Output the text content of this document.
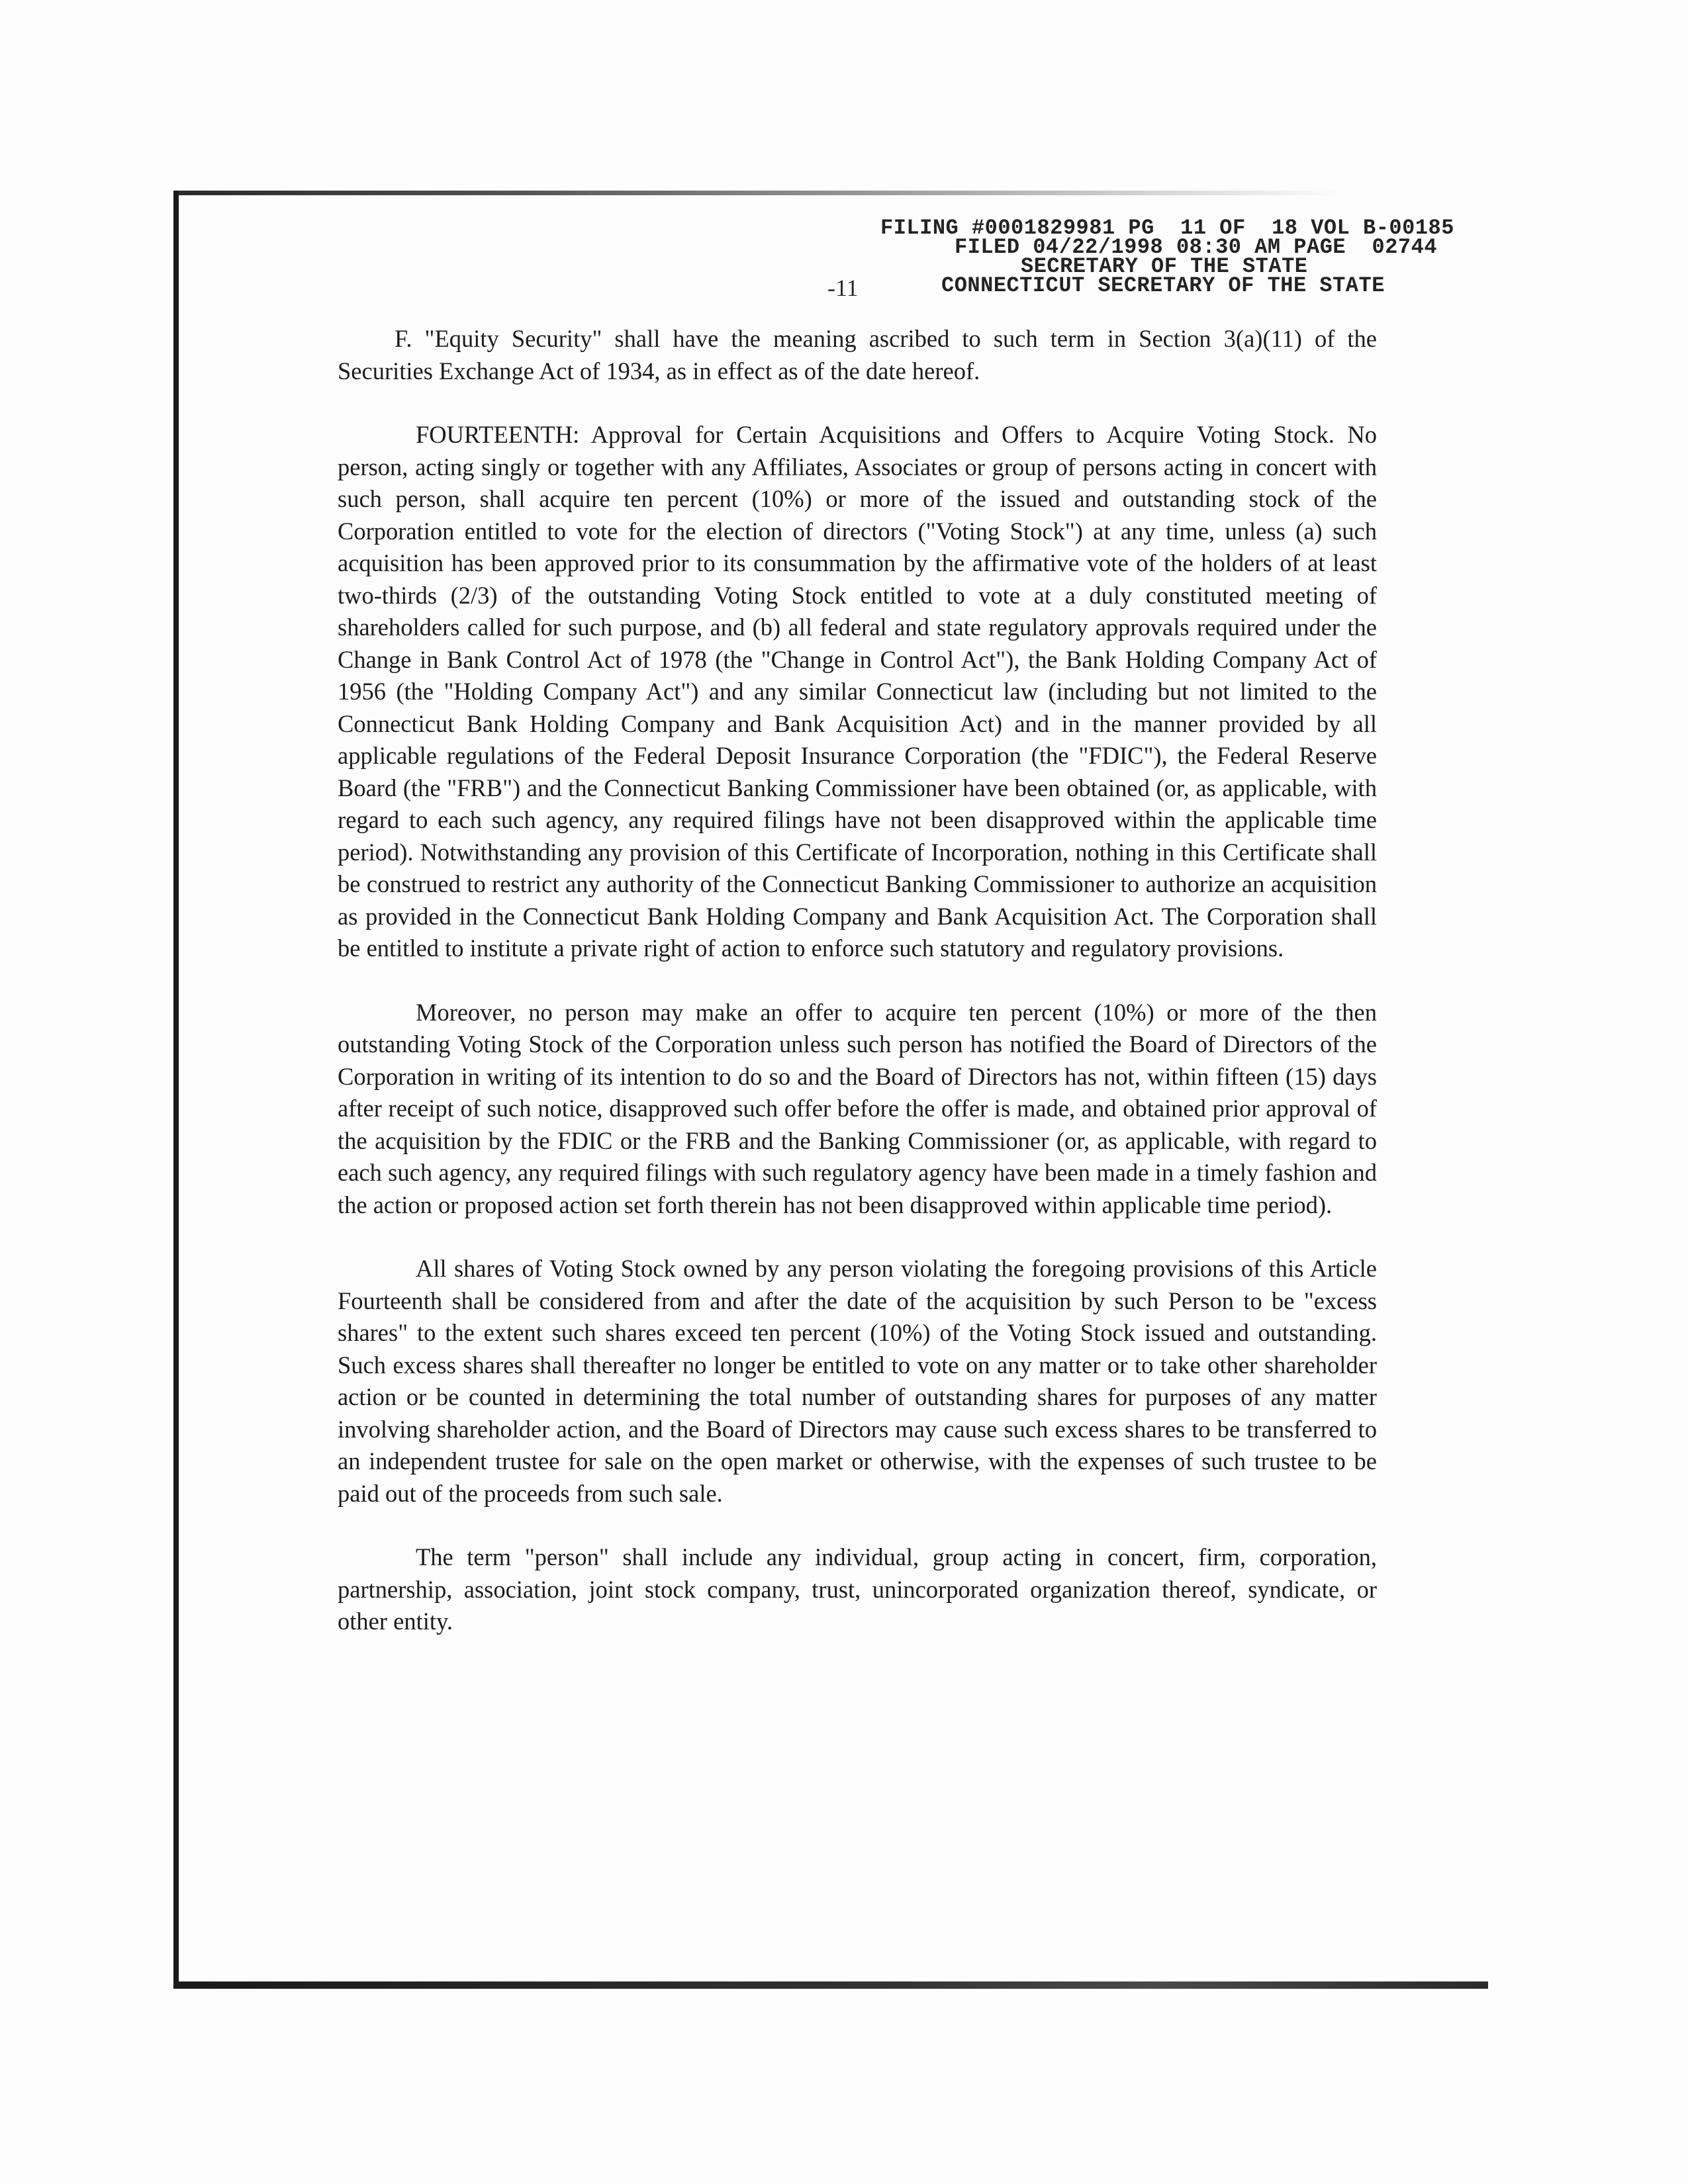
FILING #0001829981 PG  11 OF  18 VOL B-00185
FILED 04/22/1998 08:30 AM PAGE  02744
SECRETARY OF THE STATE
CONNECTICUT SECRETARY OF THE STATE
-11

F. "Equity Security" shall have the meaning ascribed to such term in Section 3(a)(11) of the Securities Exchange Act of 1934, as in effect as of the date hereof.

FOURTEENTH: Approval for Certain Acquisitions and Offers to Acquire Voting Stock. No person, acting singly or together with any Affiliates, Associates or group of persons acting in concert with such person, shall acquire ten percent (10%) or more of the issued and outstanding stock of the Corporation entitled to vote for the election of directors ("Voting Stock") at any time, unless (a) such acquisition has been approved prior to its consummation by the affirmative vote of the holders of at least two-thirds (2/3) of the outstanding Voting Stock entitled to vote at a duly constituted meeting of shareholders called for such purpose, and (b) all federal and state regulatory approvals required under the Change in Bank Control Act of 1978 (the "Change in Control Act"), the Bank Holding Company Act of 1956 (the "Holding Company Act") and any similar Connecticut law (including but not limited to the Connecticut Bank Holding Company and Bank Acquisition Act) and in the manner provided by all applicable regulations of the Federal Deposit Insurance Corporation (the "FDIC"), the Federal Reserve Board (the "FRB") and the Connecticut Banking Commissioner have been obtained (or, as applicable, with regard to each such agency, any required filings have not been disapproved within the applicable time period). Notwithstanding any provision of this Certificate of Incorporation, nothing in this Certificate shall be construed to restrict any authority of the Connecticut Banking Commissioner to authorize an acquisition as provided in the Connecticut Bank Holding Company and Bank Acquisition Act. The Corporation shall be entitled to institute a private right of action to enforce such statutory and regulatory provisions.

Moreover, no person may make an offer to acquire ten percent (10%) or more of the then outstanding Voting Stock of the Corporation unless such person has notified the Board of Directors of the Corporation in writing of its intention to do so and the Board of Directors has not, within fifteen (15) days after receipt of such notice, disapproved such offer before the offer is made, and obtained prior approval of the acquisition by the FDIC or the FRB and the Banking Commissioner (or, as applicable, with regard to each such agency, any required filings with such regulatory agency have been made in a timely fashion and the action or proposed action set forth therein has not been disapproved within applicable time period).

All shares of Voting Stock owned by any person violating the foregoing provisions of this Article Fourteenth shall be considered from and after the date of the acquisition by such Person to be "excess shares" to the extent such shares exceed ten percent (10%) of the Voting Stock issued and outstanding. Such excess shares shall thereafter no longer be entitled to vote on any matter or to take other shareholder action or be counted in determining the total number of outstanding shares for purposes of any matter involving shareholder action, and the Board of Directors may cause such excess shares to be transferred to an independent trustee for sale on the open market or otherwise, with the expenses of such trustee to be paid out of the proceeds from such sale.

The term "person" shall include any individual, group acting in concert, firm, corporation, partnership, association, joint stock company, trust, unincorporated organization thereof, syndicate, or other entity.
